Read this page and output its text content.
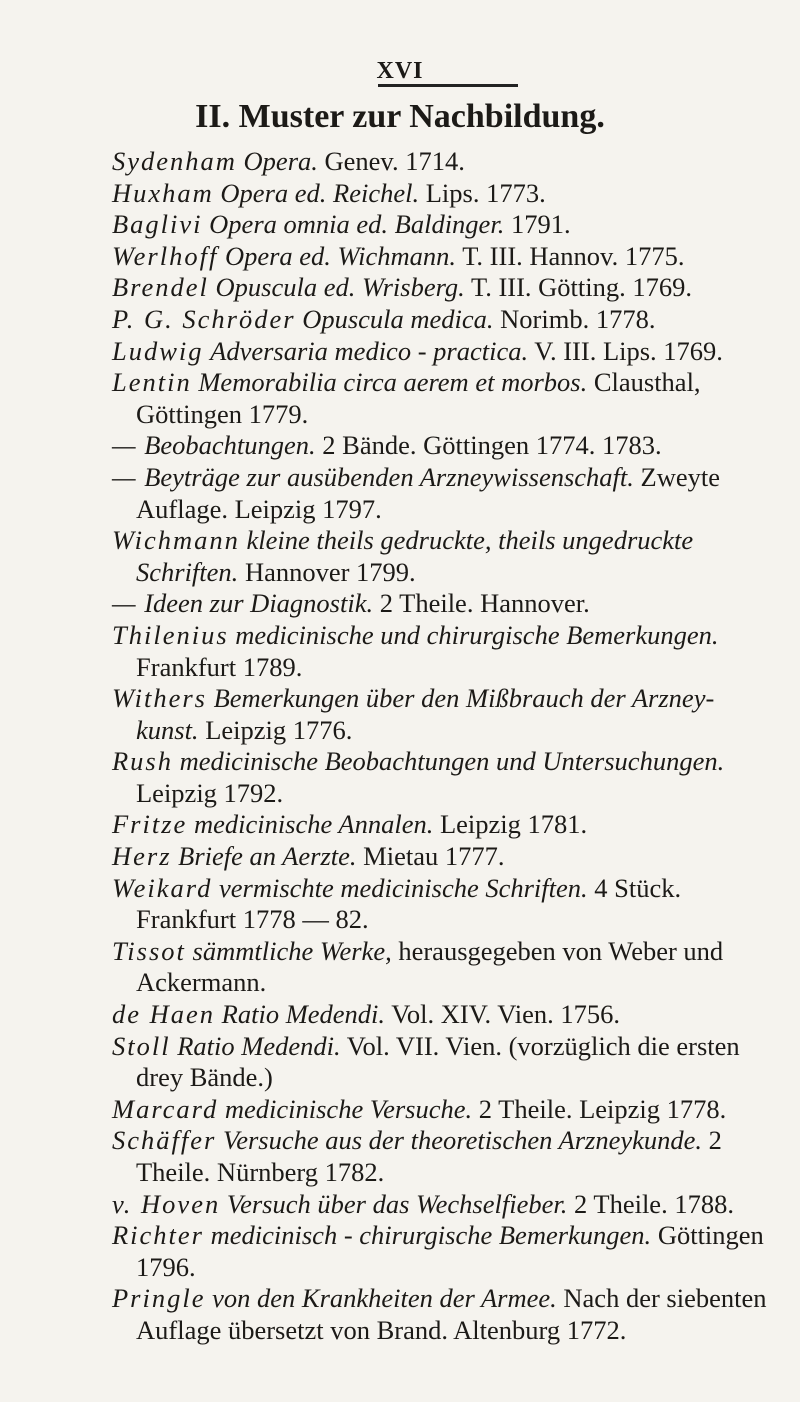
XVI
II. Muster zur Nachbildung.

Sydenham Opera. Genev. 1714.

Huxham Opera ed. Reichel. Lips. 1773.

Baglivi Opera omnia ed. Baldinger. 1791.

Werlhoff Opera ed. Wichmann. T. III. Hannov. 1775.

Brendel Opuscula ed. Wrisberg. T. III. Götting. 1769.

P. G. Schröder Opuscula medica. Norimb. 1778.

Ludwig Adversaria medico - practica. V. III. Lips. 1769.

Lentin Memorabilia circa aerem et morbos. Clausthal, Göttingen 1779.

— Beobachtungen. 2 Bände. Göttingen 1774. 1783.

— Beyträge zur ausübenden Arzneywissenschaft. Zweyte Auflage. Leipzig 1797.

Wichmann kleine theils gedruckte, theils ungedruckte Schriften. Hannover 1799.

— Ideen zur Diagnostik. 2 Theile. Hannover.

Thilenius medicinische und chirurgische Bemerkungen. Frankfurt 1789.

Withers Bemerkungen über den Mißbrauch der Arzney-kunst. Leipzig 1776.

Rush medicinische Beobachtungen und Untersuchungen. Leipzig 1792.

Fritze medicinische Annalen. Leipzig 1781.

Herz Briefe an Aerzte. Mietau 1777.

Weikard vermischte medicinische Schriften. 4 Stück. Frankfurt 1778 — 82.

Tissot sämmtliche Werke, herausgegeben von Weber und Ackermann.

de Haen Ratio Medendi. Vol. XIV. Vien. 1756.

Stoll Ratio Medendi. Vol. VII. Vien. (vorzüglich die ersten drey Bände.)

Marcard medicinische Versuche. 2 Theile. Leipzig 1778.

Schäffer Versuche aus der theoretischen Arzneykunde. 2 Theile. Nürnberg 1782.

v. Hoven Versuch über das Wechselfieber. 2 Theile. 1788.

Richter medicinisch - chirurgische Bemerkungen. Göttingen 1796.

Pringle von den Krankheiten der Armee. Nach der siebenten Auflage übersetzt von Brand. Altenburg 1772.
